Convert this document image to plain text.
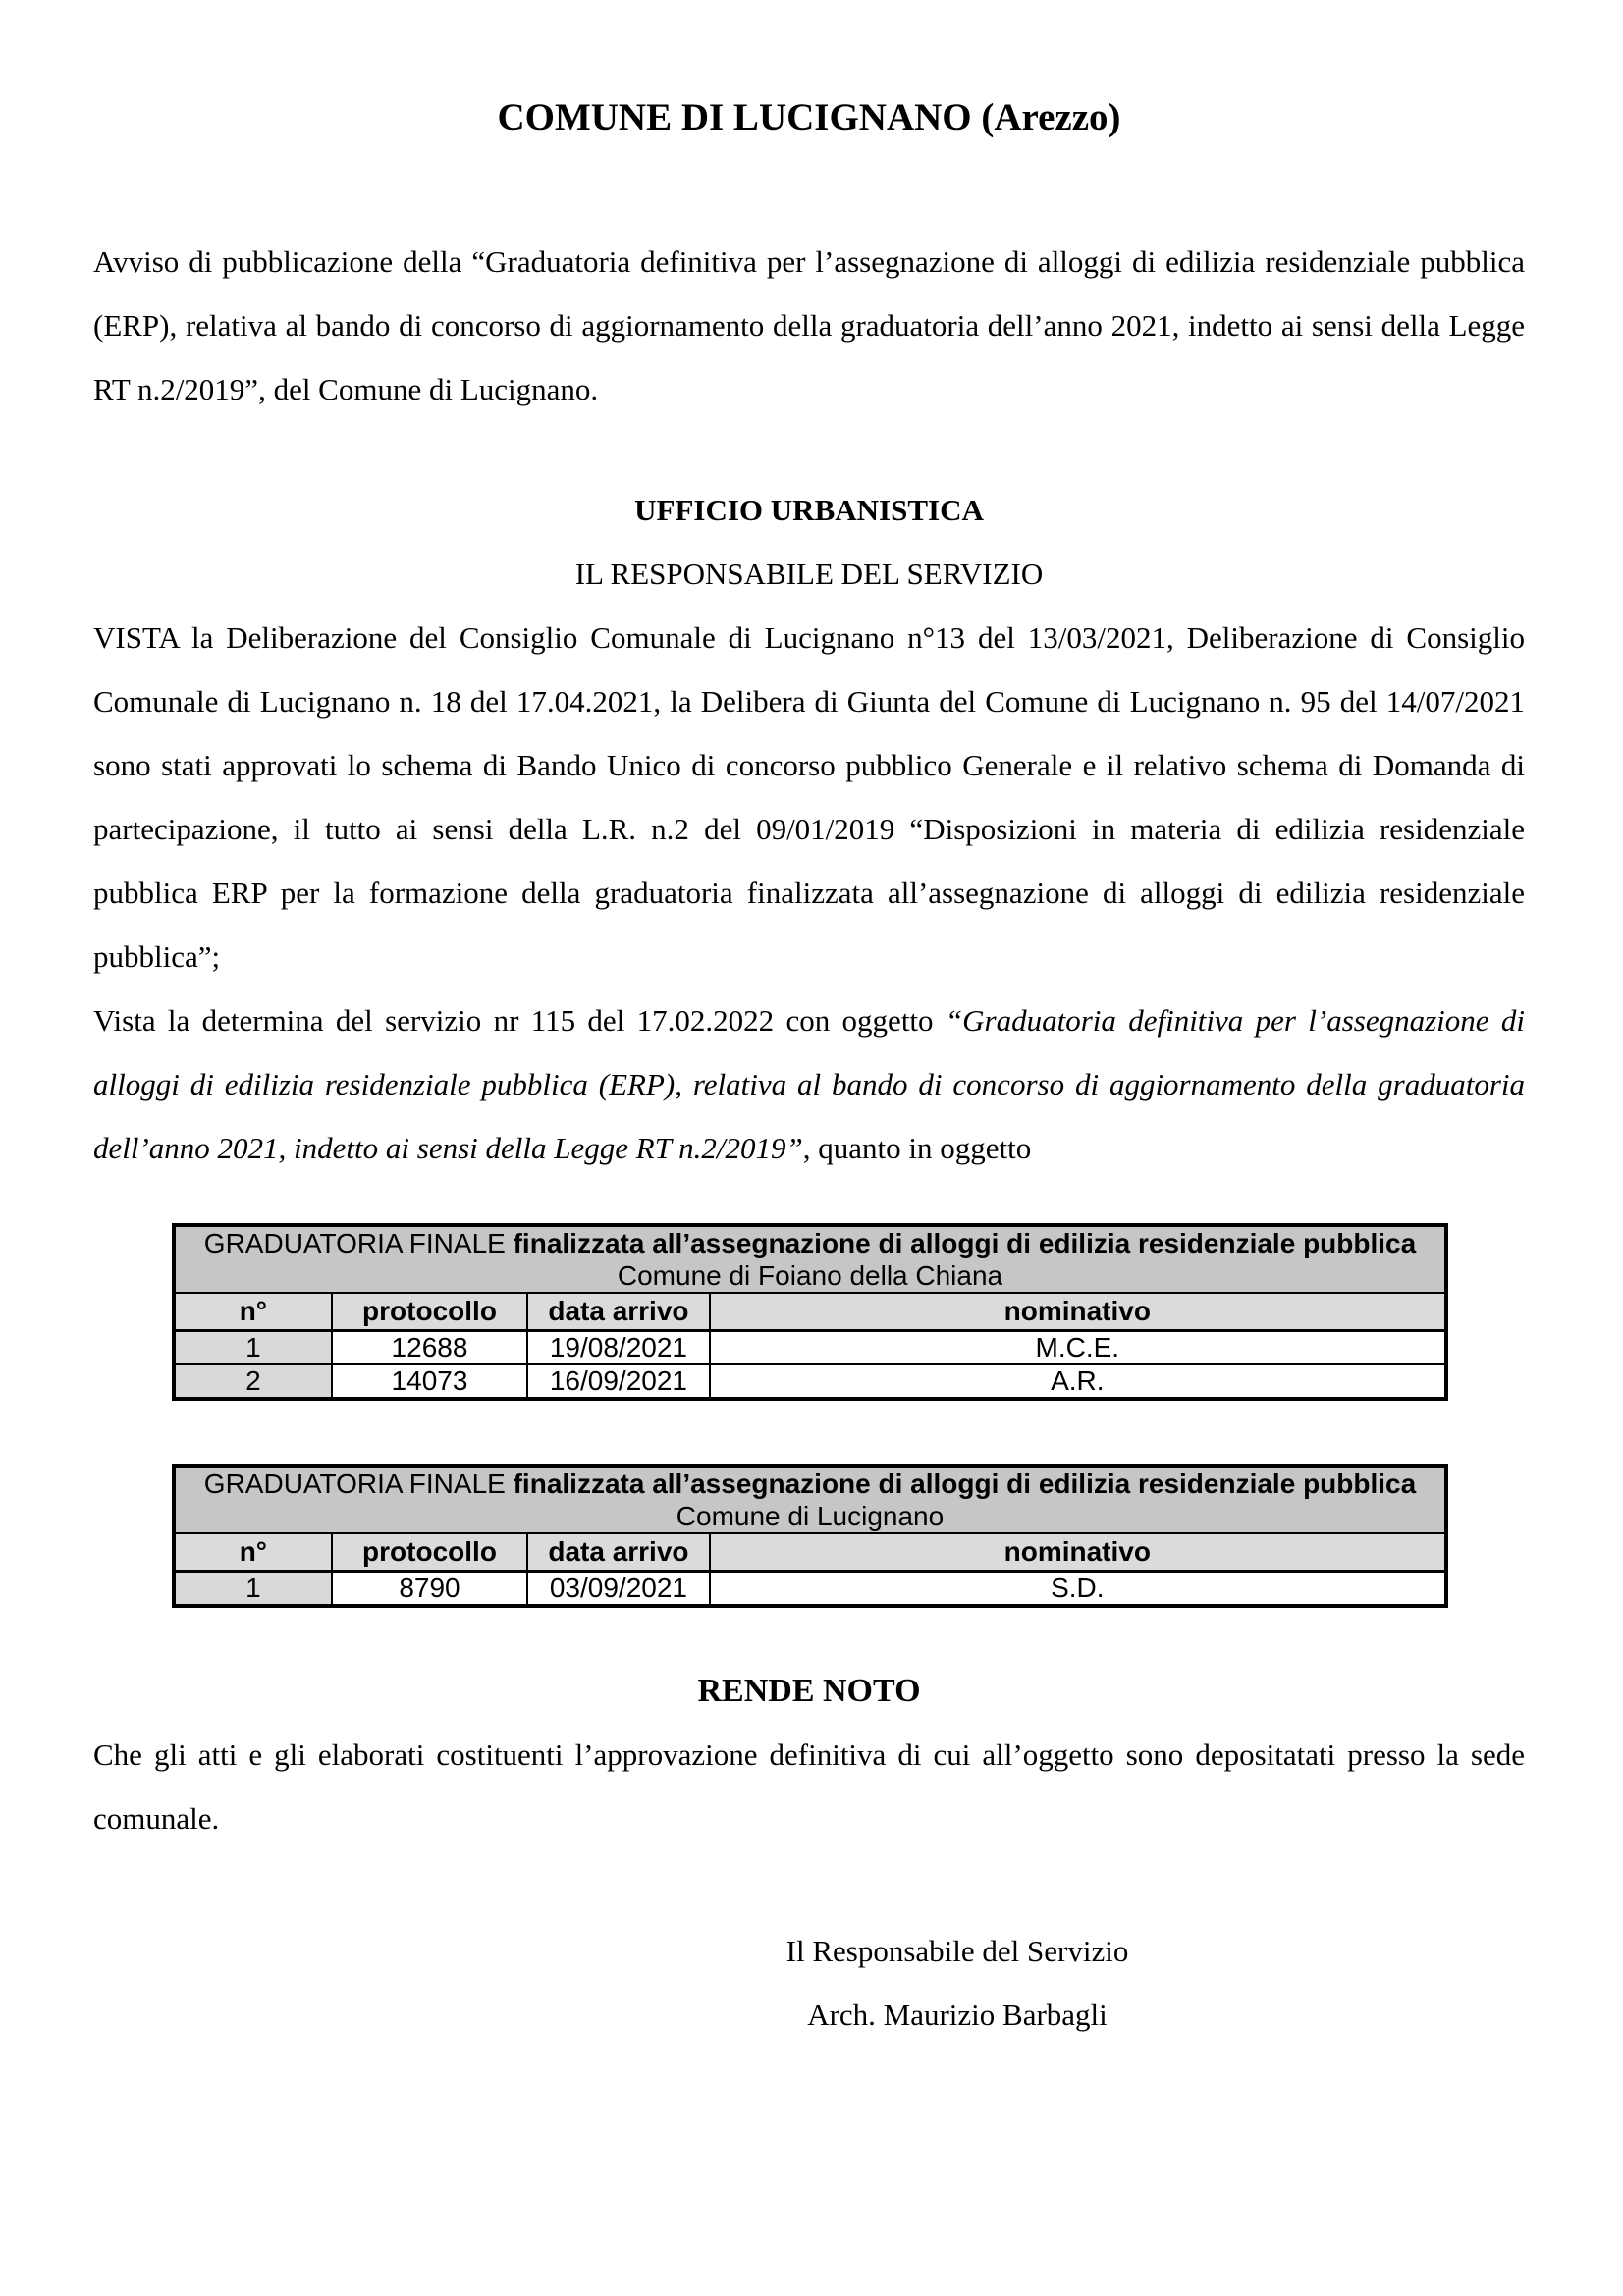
COMUNE DI LUCIGNANO (Arezzo)

Avviso di pubblicazione della “Graduatoria definitiva per l’assegnazione di alloggi di edilizia residenziale pubblica (ERP), relativa al bando di concorso di aggiornamento della graduatoria dell’anno 2021, indetto ai sensi della Legge RT n.2/2019”, del Comune di Lucignano.

UFFICIO URBANISTICA

IL RESPONSABILE DEL SERVIZIO

VISTA la Deliberazione del Consiglio Comunale di Lucignano n°13 del 13/03/2021, Deliberazione di Consiglio Comunale di Lucignano n. 18 del 17.04.2021, la Delibera di Giunta del Comune di Lucignano n. 95 del 14/07/2021 sono stati approvati lo schema di Bando Unico di concorso pubblico Generale e il relativo schema di Domanda di partecipazione, il tutto ai sensi della L.R. n.2 del 09/01/2019 “Disposizioni in materia di edilizia residenziale pubblica ERP per la formazione della graduatoria finalizzata all’assegnazione di alloggi di edilizia residenziale pubblica”;

Vista la determina del servizio nr 115 del 17.02.2022 con oggetto “Graduatoria definitiva per l’assegnazione di alloggi di edilizia residenziale pubblica (ERP), relativa al bando di concorso di aggiornamento della graduatoria dell’anno 2021, indetto ai sensi della Legge RT n.2/2019”, quanto in oggetto

GRADUATORIA FINALE finalizzata all’assegnazione di alloggi di edilizia residenziale pubblica
Comune di Foiano della Chiana			

n°	protocollo	data arrivo	nominativo
1	12688	19/08/2021	M.C.E.
2	14073	16/09/2021	A.R.
GRADUATORIA FINALE finalizzata all’assegnazione di alloggi di edilizia residenziale pubblica
Comune di Lucignano			

n°	protocollo	data arrivo	nominativo
1	8790	03/09/2021	S.D.

RENDE NOTO

Che gli atti e gli elaborati costituenti l’approvazione definitiva di cui all’oggetto sono depositatati presso la sede comunale.

Il Responsabile del Servizio
Arch. Maurizio Barbagli
